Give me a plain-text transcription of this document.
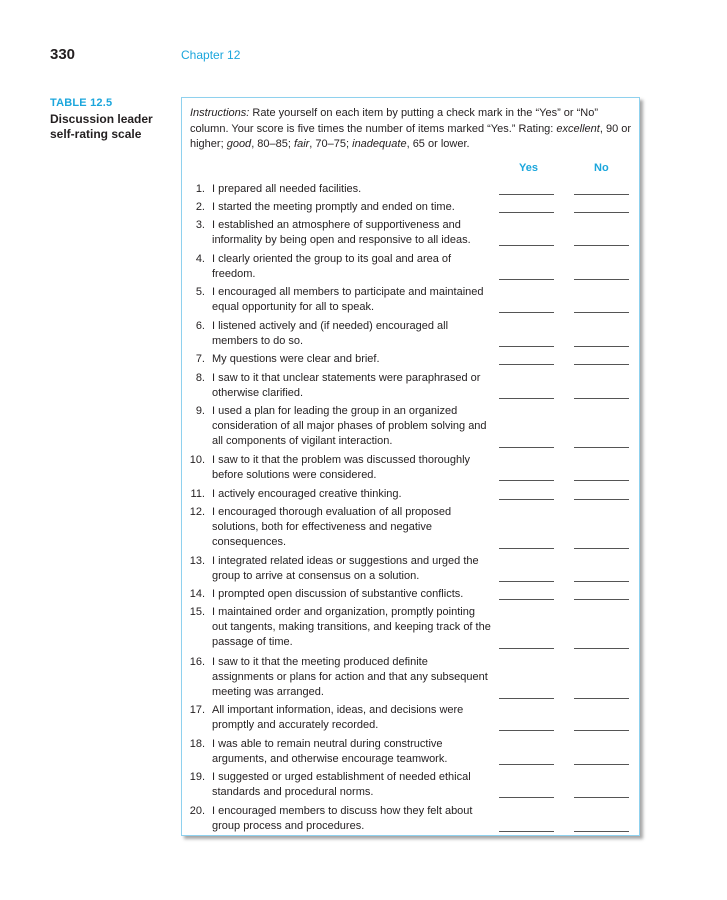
330	Chapter 12
TABLE 12.5
Discussion leader self-rating scale
Instructions: Rate yourself on each item by putting a check mark in the “Yes” or “No” column. Your score is five times the number of items marked “Yes.” Rating: excellent, 90 or higher; good, 80–85; fair, 70–75; inadequate, 65 or lower.
Yes	No
1. I prepared all needed facilities.
2. I started the meeting promptly and ended on time.
3. I established an atmosphere of supportiveness and informality by being open and responsive to all ideas.
4. I clearly oriented the group to its goal and area of freedom.
5. I encouraged all members to participate and maintained equal opportunity for all to speak.
6. I listened actively and (if needed) encouraged all members to do so.
7. My questions were clear and brief.
8. I saw to it that unclear statements were paraphrased or otherwise clarified.
9. I used a plan for leading the group in an organized consideration of all major phases of problem solving and all components of vigilant interaction.
10. I saw to it that the problem was discussed thoroughly before solutions were considered.
11. I actively encouraged creative thinking.
12. I encouraged thorough evaluation of all proposed solutions, both for effectiveness and negative consequences.
13. I integrated related ideas or suggestions and urged the group to arrive at consensus on a solution.
14. I prompted open discussion of substantive conflicts.
15. I maintained order and organization, promptly pointing out tangents, making transitions, and keeping track of the passage of time.
16. I saw to it that the meeting produced definite assignments or plans for action and that any subsequent meeting was arranged.
17. All important information, ideas, and decisions were promptly and accurately recorded.
18. I was able to remain neutral during constructive arguments, and otherwise encourage teamwork.
19. I suggested or urged establishment of needed ethical standards and procedural norms.
20. I encouraged members to discuss how they felt about group process and procedures.
